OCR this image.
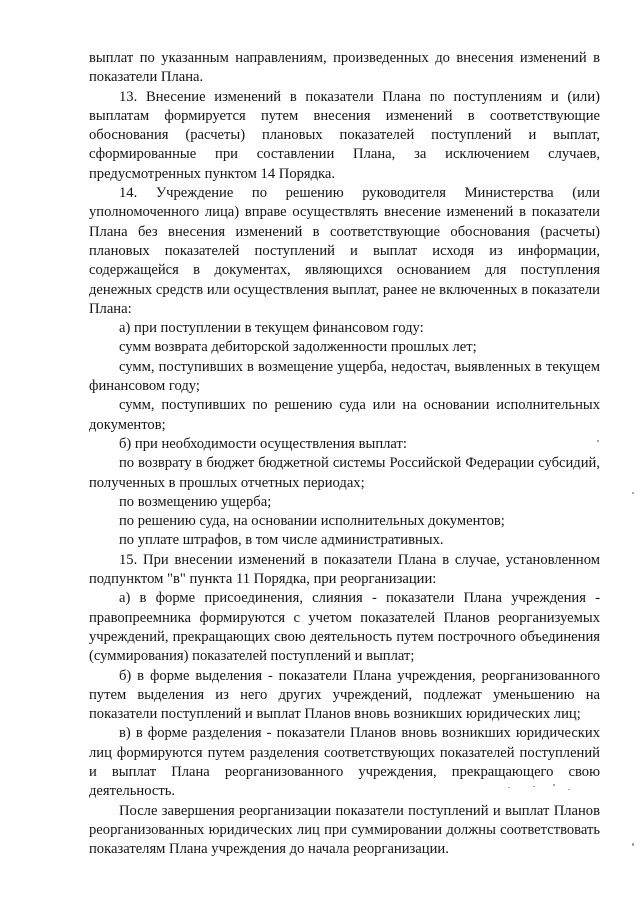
выплат по указанным направлениям, произведенных до внесения изменений в показатели Плана.

13. Внесение изменений в показатели Плана по поступлениям и (или) выплатам формируется путем внесения изменений в соответствующие обоснования (расчеты) плановых показателей поступлений и выплат, сформированные при составлении Плана, за исключением случаев, предусмотренных пунктом 14 Порядка.

14. Учреждение по решению руководителя Министерства (или уполномоченного лица) вправе осуществлять внесение изменений в показатели Плана без внесения изменений в соответствующие обоснования (расчеты) плановых показателей поступлений и выплат исходя из информации, содержащейся в документах, являющихся основанием для поступления денежных средств или осуществления выплат, ранее не включенных в показатели Плана:

а) при поступлении в текущем финансовом году:

сумм возврата дебиторской задолженности прошлых лет;

сумм, поступивших в возмещение ущерба, недостач, выявленных в текущем финансовом году;

сумм, поступивших по решению суда или на основании исполнительных документов;

б) при необходимости осуществления выплат:

по возврату в бюджет бюджетной системы Российской Федерации субсидий, полученных в прошлых отчетных периодах;

по возмещению ущерба;

по решению суда, на основании исполнительных документов;

по уплате штрафов, в том числе административных.

15. При внесении изменений в показатели Плана в случае, установленном подпунктом "в" пункта 11 Порядка, при реорганизации:

а) в форме присоединения, слияния - показатели Плана учреждения - правопреемника формируются с учетом показателей Планов реорганизуемых учреждений, прекращающих свою деятельность путем построчного объединения (суммирования) показателей поступлений и выплат;

б) в форме выделения - показатели Плана учреждения, реорганизованного путем выделения из него других учреждений, подлежат уменьшению на показатели поступлений и выплат Планов вновь возникших юридических лиц;

в) в форме разделения - показатели Планов вновь возникших юридических лиц формируются путем разделения соответствующих показателей поступлений и выплат Плана реорганизованного учреждения, прекращающего свою деятельность.

После завершения реорганизации показатели поступлений и выплат Планов реорганизованных юридических лиц при суммировании должны соответствовать показателям Плана учреждения до начала реорганизации.
